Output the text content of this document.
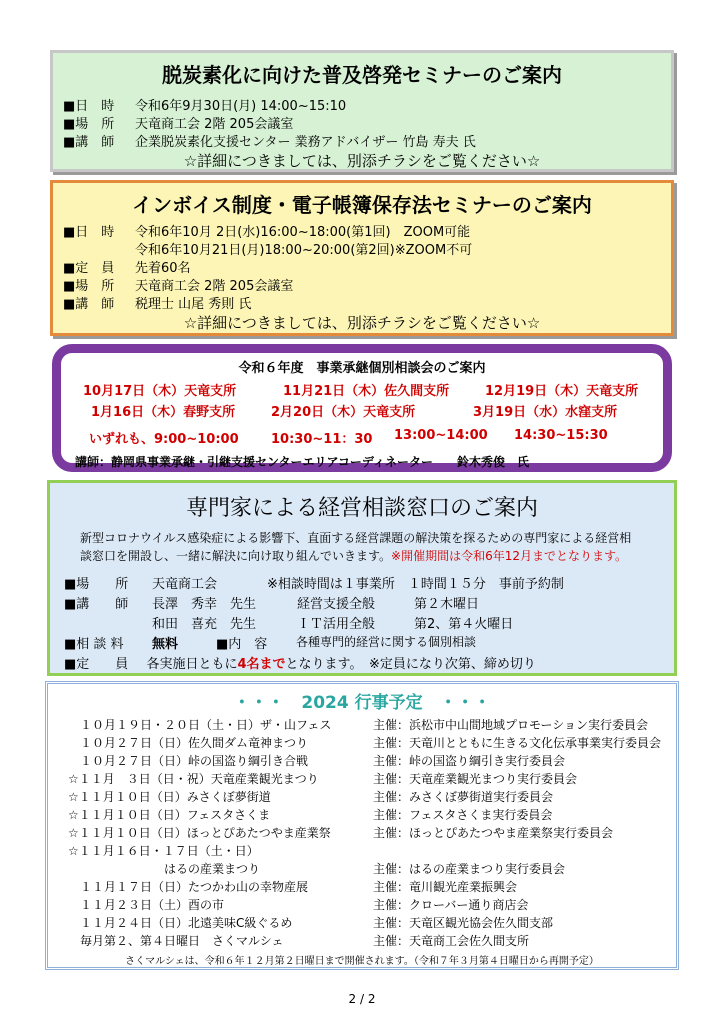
脱炭素化に向けた普及啓発セミナーのご案内
■日　時 令和6年9月30日(月) 14:00~15:10
■場　所 天竜商工会 2階 205会議室
■講　師 企業脱炭素化支援センター 業務アドバイザー 竹島 寿夫 氏
☆詳細につきましては、別添チラシをご覧ください☆
インボイス制度・電子帳簿保存法セミナーのご案内
■日　時 令和6年10月 2日(水)16:00~18:00(第1回)　ZOOM可能
令和6年10月21日(月)18:00~20:00(第2回)※ZOOM不可
■定　員 先着60名
■場　所 天竜商工会 2階 205会議室
■講　師 税理士 山尾 秀則 氏
☆詳細につきましては、別添チラシをご覧ください☆
令和６年度　事業承継個別相談会のご案内
10月17日（木）天竜支所	11月21日（木）佐久間支所	12月19日（木）天竜支所
1月16日（木）春野支所	2月20日（木）天竜支所	3月19日（水）水窪支所
いずれも、9:00~10:00 10:30~11：30 13:00~14:00 14:30~15:30
講師：静岡県事業承継・引継支援センターエリアコーディネーター　　鈴木秀俊　氏
専門家による経営相談窓口のご案内
新型コロナウイルス感染症による影響下、直面する経営課題の解決策を探るための専門家による経営相
談窓口を開設し、一緒に解決に向け取り組んでいきます。※開催期間は令和6年12月までとなります。
■場　　所 天竜商工会	※相談時間は１事業所　１時間１５分　事前予約制
■講　　師 長澤　秀幸　先生	経営支援全般	第２木曜日
和田　喜充　先生	ＩＴ活用全般	第2、第４火曜日
■相 談 料 無料	■内　容 各種専門的経営に関する個別相談
■定　　員 各実施日ともに4名までとなります。　※定員になり次第、締め切り
・・・　2024 行事予定　・・・
　１０月１９日・２０日（土・日）ザ・山フェス	主催：浜松市中山間地域プロモーション実行委員会
　１０月２７日（日）佐久間ダム竜神まつり	主催：天竜川とともに生きる文化伝承事業実行委員会
　１０月２７日（日）峠の国盗り綱引き合戦	主催：峠の国盗り綱引き実行委員会
☆１１月　３日（日・祝）天竜産業観光まつり	主催：天竜産業観光まつり実行委員会
☆１１月１０日（日）みさくぼ夢街道	主催：みさくぼ夢街道実行委員会
☆１１月１０日（日）フェスタさくま	主催：フェスタさくま実行委員会
☆１１月１０日（日）ほっとぴあたつやま産業祭	主催：ほっとぴあたつやま産業祭実行委員会
☆１１月１６日・１７日（土・日）
　　　　　　　　はるの産業まつり	主催：はるの産業まつり実行委員会
　１１月１７日（日）たつかわ山の幸物産展	主催：竜川観光産業振興会
　１１月２３日（土）酉の市	主催：クローバー通り商店会
　１１月２４日（日）北遠美味C級ぐるめ	主催：天竜区観光協会佐久間支部
　毎月第２、第４日曜日　さくマルシェ	主催：天竜商工会佐久間支所
さくマルシェは、令和６年１２月第２日曜日まで開催されます。（令和７年３月第４日曜日から再開予定）
2 / 2
